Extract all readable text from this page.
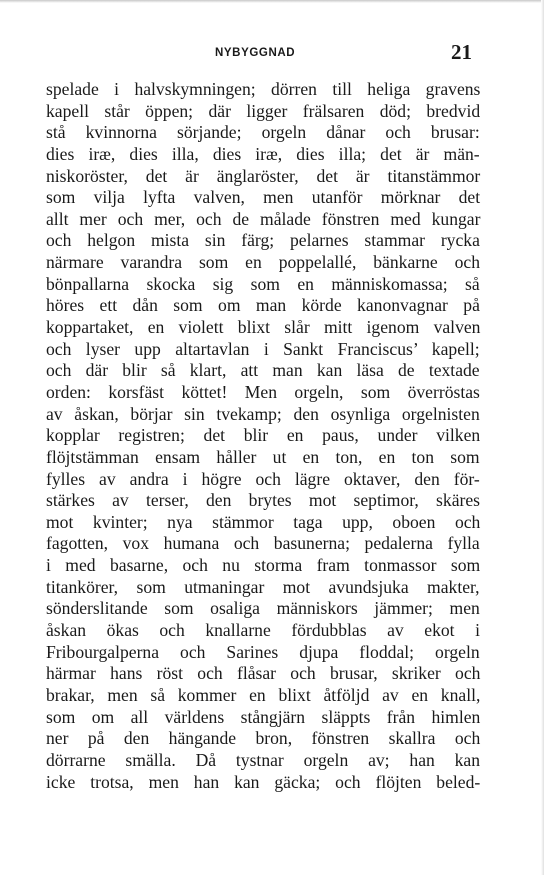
NYBYGGNAD	21
spelade i halvskymningen; dörren till heliga gravens
kapell står öppen; där ligger frälsaren död; bredvid
stå kvinnorna sörjande; orgeln dånar och brusar:
dies iræ, dies illa, dies iræ, dies illa; det är män-
niskoröster, det är änglaröster, det är titanstämmor
som vilja lyfta valven, men utanför mörknar det
allt mer och mer, och de målade fönstren med kungar
och helgon mista sin färg; pelarnes stammar rycka
närmare varandra som en poppelallé, bänkarne och
bönpallarna skocka sig som en människomassa; så
höres ett dån som om man körde kanonvagnar på
koppartaket, en violett blixt slår mitt igenom valven
och lyser upp altartavlan i Sankt Franciscus’ kapell;
och där blir så klart, att man kan läsa de textade
orden: korsfäst köttet! Men orgeln, som överröstas
av åskan, börjar sin tvekamp; den osynliga orgelnisten
kopplar registren; det blir en paus, under vilken
flöjtstämman ensam håller ut en ton, en ton som
fylles av andra i högre och lägre oktaver, den för-
stärkes av terser, den brytes mot septimor, skäres
mot kvinter; nya stämmor taga upp, oboen och
fagotten, vox humana och basunerna; pedalerna fylla
i med basarne, och nu storma fram tonmassor som
titankörer, som utmaningar mot avundsjuka makter,
sönderslitande som osaliga människors jämmer; men
åskan ökas och knallarne fördubblas av ekot i
Fribourgalperna och Sarines djupa floddal; orgeln
härmar hans röst och flåsar och brusar, skriker och
brakar, men så kommer en blixt åtföljd av en knall,
som om all världens stångjärn släppts från himlen
ner på den hängande bron, fönstren skallra och
dörrarne smälla. Då tystnar orgeln av; han kan
icke trotsa, men han kan gäcka; och flöjten beled-
